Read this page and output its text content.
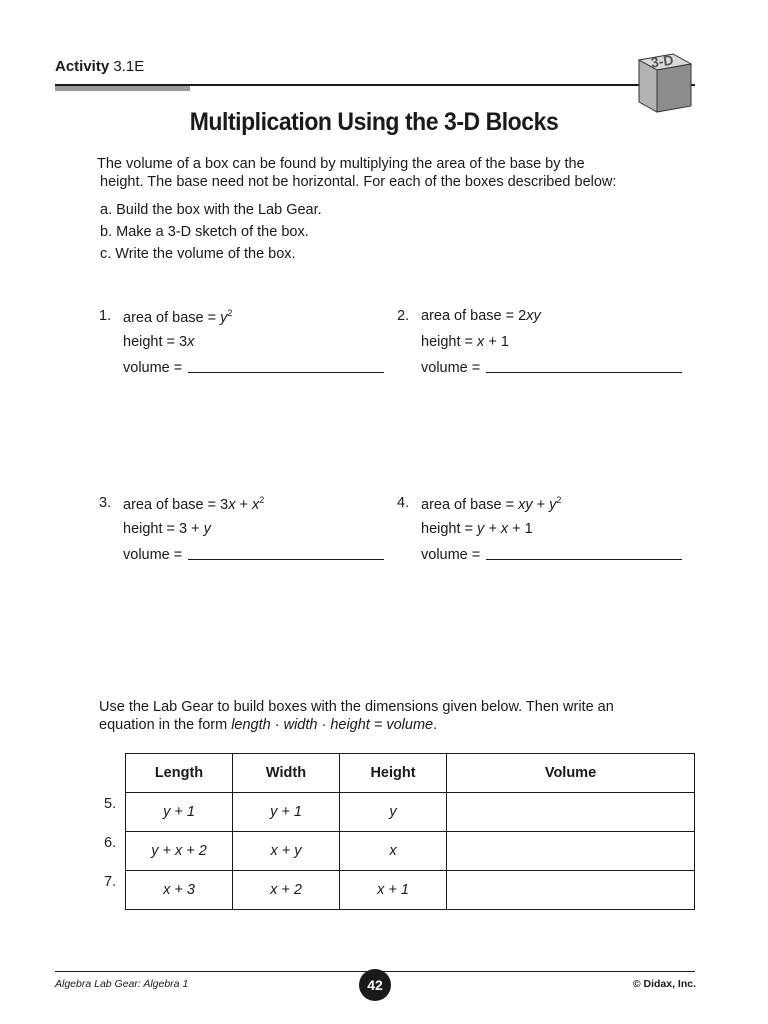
Activity 3.1E	3-D
Multiplication Using the 3-D Blocks

The volume of a box can be found by multiplying the area of the base by the

height. The base need not be horizontal. For each of the boxes described below:

a. Build the box with the Lab Gear.
b. Make a 3-D sketch of the box.
c. Write the volume of the box.
1. area of base = $y^2$
height = 3x
volume =
2. area of base = 2xy
height = x + 1
volume =
3. area of base = $3x + x^2$
height = 3 + y
volume =
4. area of base = xy + $y^2$
height = y + x + 1
volume =

Use the Lab Gear to build boxes with the dimensions given below. Then write an

equation in the form length · width · height = volume.

5.
6.
7.
Length	Width	Height	Volume
y + 1	y + 1	y	
y + x + 2	x + y	x	
x + 3	x + 2	x + 1	
Algebra Lab Gear: Algebra 1	42	© Didax, Inc.
